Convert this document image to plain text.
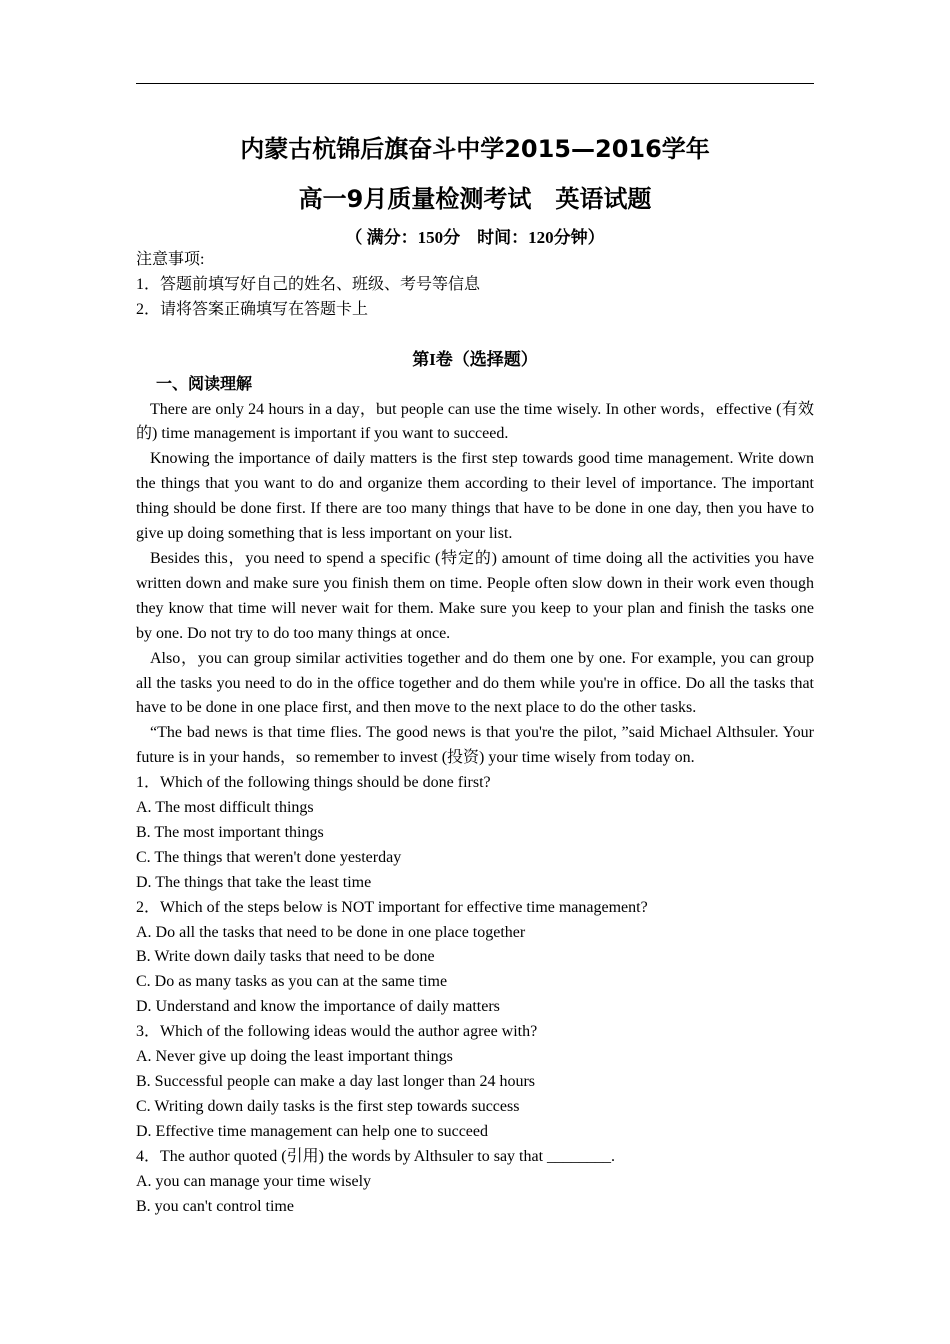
内蒙古杭锦后旗奋斗中学2015—2016学年

高一9月质量检测考试　英语试题

（ 满分：150分　时间：120分钟）

注意事项:

1．答题前填写好自己的姓名、班级、考号等信息

2．请将答案正确填写在答题卡上

第I卷（选择题）

一、阅读理解

There are only 24 hours in a day，but people can use the time wisely. In other words，effective (有效的) time management is important if you want to succeed.

Knowing the importance of daily matters is the first step towards good time management. Write down the things that you want to do and organize them according to their level of importance. The important thing should be done first. If there are too many things that have to be done in one day, then you have to give up doing something that is less important on your list.

Besides this，you need to spend a specific (特定的) amount of time doing all the activities you have written down and make sure you finish them on time. People often slow down in their work even though they know that time will never wait for them. Make sure you keep to your plan and finish the tasks one by one. Do not try to do too many things at once.

Also，you can group similar activities together and do them one by one. For example, you can group all the tasks you need to do in the office together and do them while you're in office. Do all the tasks that have to be done in one place first, and then move to the next place to do the other tasks.

“The bad news is that time flies. The good news is that you're the pilot, ”said Michael Althsuler. Your future is in your hands，so remember to invest (投资) your time wisely from today on.

1．Which of the following things should be done first?

A. The most difficult things

B. The most important things

C. The things that weren't done yesterday

D. The things that take the least time

2．Which of the steps below is NOT important for effective time management?

A. Do all the tasks that need to be done in one place together

B. Write down daily tasks that need to be done

C. Do as many tasks as you can at the same time

D. Understand and know the importance of daily matters

3．Which of the following ideas would the author agree with?

A. Never give up doing the least important things

B. Successful people can make a day last longer than 24 hours

C. Writing down daily tasks is the first step towards success

D. Effective time management can help one to succeed

4．The author quoted (引用) the words by Althsuler to say that ________.

A. you can manage your time wisely

B. you can't control time
